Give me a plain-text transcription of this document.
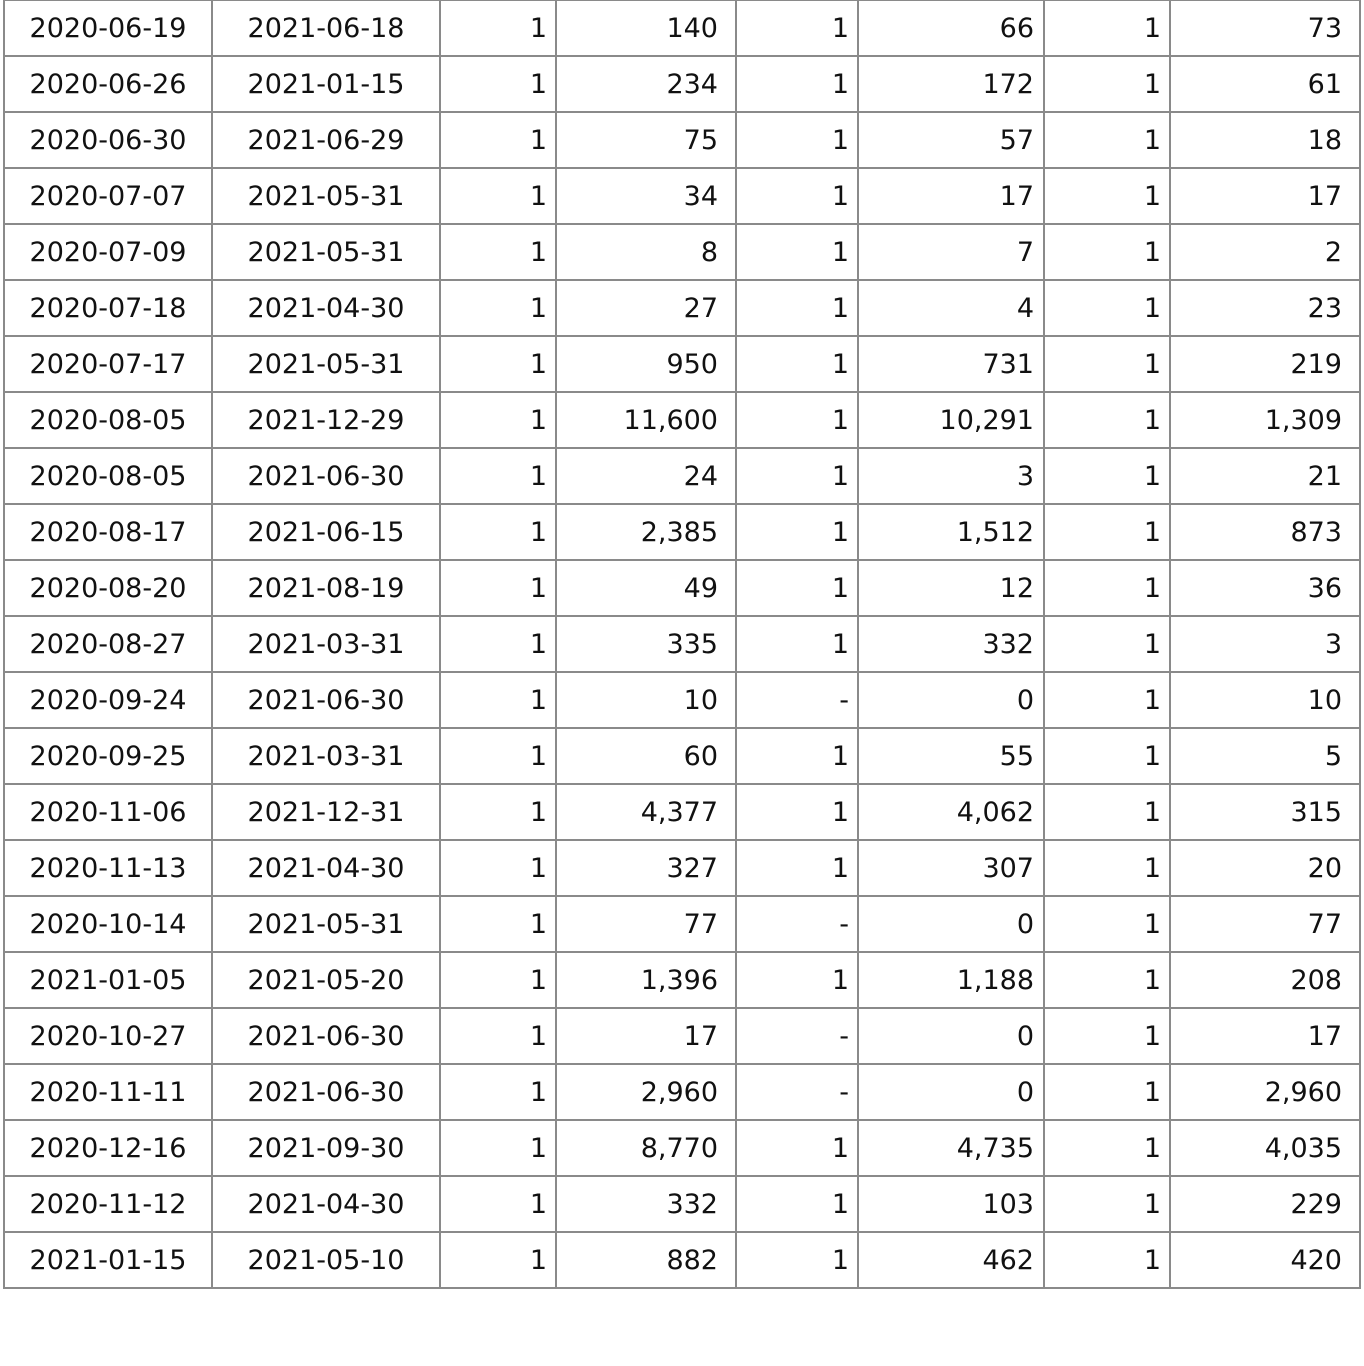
2020-06-19	2021-06-18	1	140	1	66	1	73
2020-06-26	2021-01-15	1	234	1	172	1	61
2020-06-30	2021-06-29	1	75	1	57	1	18
2020-07-07	2021-05-31	1	34	1	17	1	17
2020-07-09	2021-05-31	1	8	1	7	1	2
2020-07-18	2021-04-30	1	27	1	4	1	23
2020-07-17	2021-05-31	1	950	1	731	1	219
2020-08-05	2021-12-29	1	11,600	1	10,291	1	1,309
2020-08-05	2021-06-30	1	24	1	3	1	21
2020-08-17	2021-06-15	1	2,385	1	1,512	1	873
2020-08-20	2021-08-19	1	49	1	12	1	36
2020-08-27	2021-03-31	1	335	1	332	1	3
2020-09-24	2021-06-30	1	10	-	0	1	10
2020-09-25	2021-03-31	1	60	1	55	1	5
2020-11-06	2021-12-31	1	4,377	1	4,062	1	315
2020-11-13	2021-04-30	1	327	1	307	1	20
2020-10-14	2021-05-31	1	77	-	0	1	77
2021-01-05	2021-05-20	1	1,396	1	1,188	1	208
2020-10-27	2021-06-30	1	17	-	0	1	17
2020-11-11	2021-06-30	1	2,960	-	0	1	2,960
2020-12-16	2021-09-30	1	8,770	1	4,735	1	4,035
2020-11-12	2021-04-30	1	332	1	103	1	229
2021-01-15	2021-05-10	1	882	1	462	1	420
